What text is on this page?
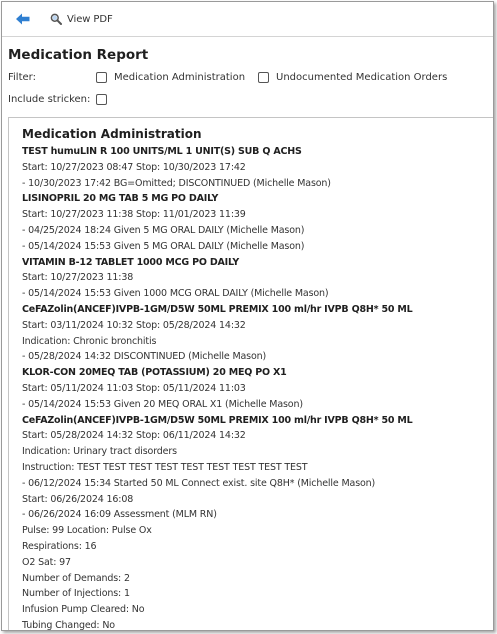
View PDF
Medication Report
Filter:	Medication Administration	Undocumented Medication Orders
Include stricken:
Medication Administration
TEST humuLIN R 100 UNITS/ML 1 UNIT(S) SUB Q ACHS
Start: 10/27/2023 08:47 Stop: 10/30/2023 17:42
- 10/30/2023 17:42 BG=Omitted; DISCONTINUED (Michelle Mason)
LISINOPRIL 20 MG TAB 5 MG PO DAILY
Start: 10/27/2023 11:38 Stop: 11/01/2023 11:39
- 04/25/2024 18:24 Given 5 MG ORAL DAILY (Michelle Mason)
- 05/14/2024 15:53 Given 5 MG ORAL DAILY (Michelle Mason)
VITAMIN B-12 TABLET 1000 MCG PO DAILY
Start: 10/27/2023 11:38
- 05/14/2024 15:53 Given 1000 MCG ORAL DAILY (Michelle Mason)
CeFAZolin(ANCEF)IVPB-1GM/D5W 50ML PREMIX 100 ml/hr IVPB Q8H* 50 ML
Start: 03/11/2024 10:32 Stop: 05/28/2024 14:32
Indication: Chronic bronchitis
- 05/28/2024 14:32 DISCONTINUED (Michelle Mason)
KLOR-CON 20MEQ TAB (POTASSIUM) 20 MEQ PO X1
Start: 05/11/2024 11:03 Stop: 05/11/2024 11:03
- 05/14/2024 15:53 Given 20 MEQ ORAL X1 (Michelle Mason)
CeFAZolin(ANCEF)IVPB-1GM/D5W 50ML PREMIX 100 ml/hr IVPB Q8H* 50 ML
Start: 05/28/2024 14:32 Stop: 06/11/2024 14:32
Indication: Urinary tract disorders
Instruction: TEST TEST TEST TEST TEST TEST TEST TEST TEST
- 06/12/2024 15:34 Started 50 ML Connect exist. site Q8H* (Michelle Mason)
Start: 06/26/2024 16:08
- 06/26/2024 16:09 Assessment (MLM RN)
Pulse: 99 Location: Pulse Ox
Respirations: 16
O2 Sat: 97
Number of Demands: 2
Number of Injections: 1
Infusion Pump Cleared: No
Tubing Changed: No
